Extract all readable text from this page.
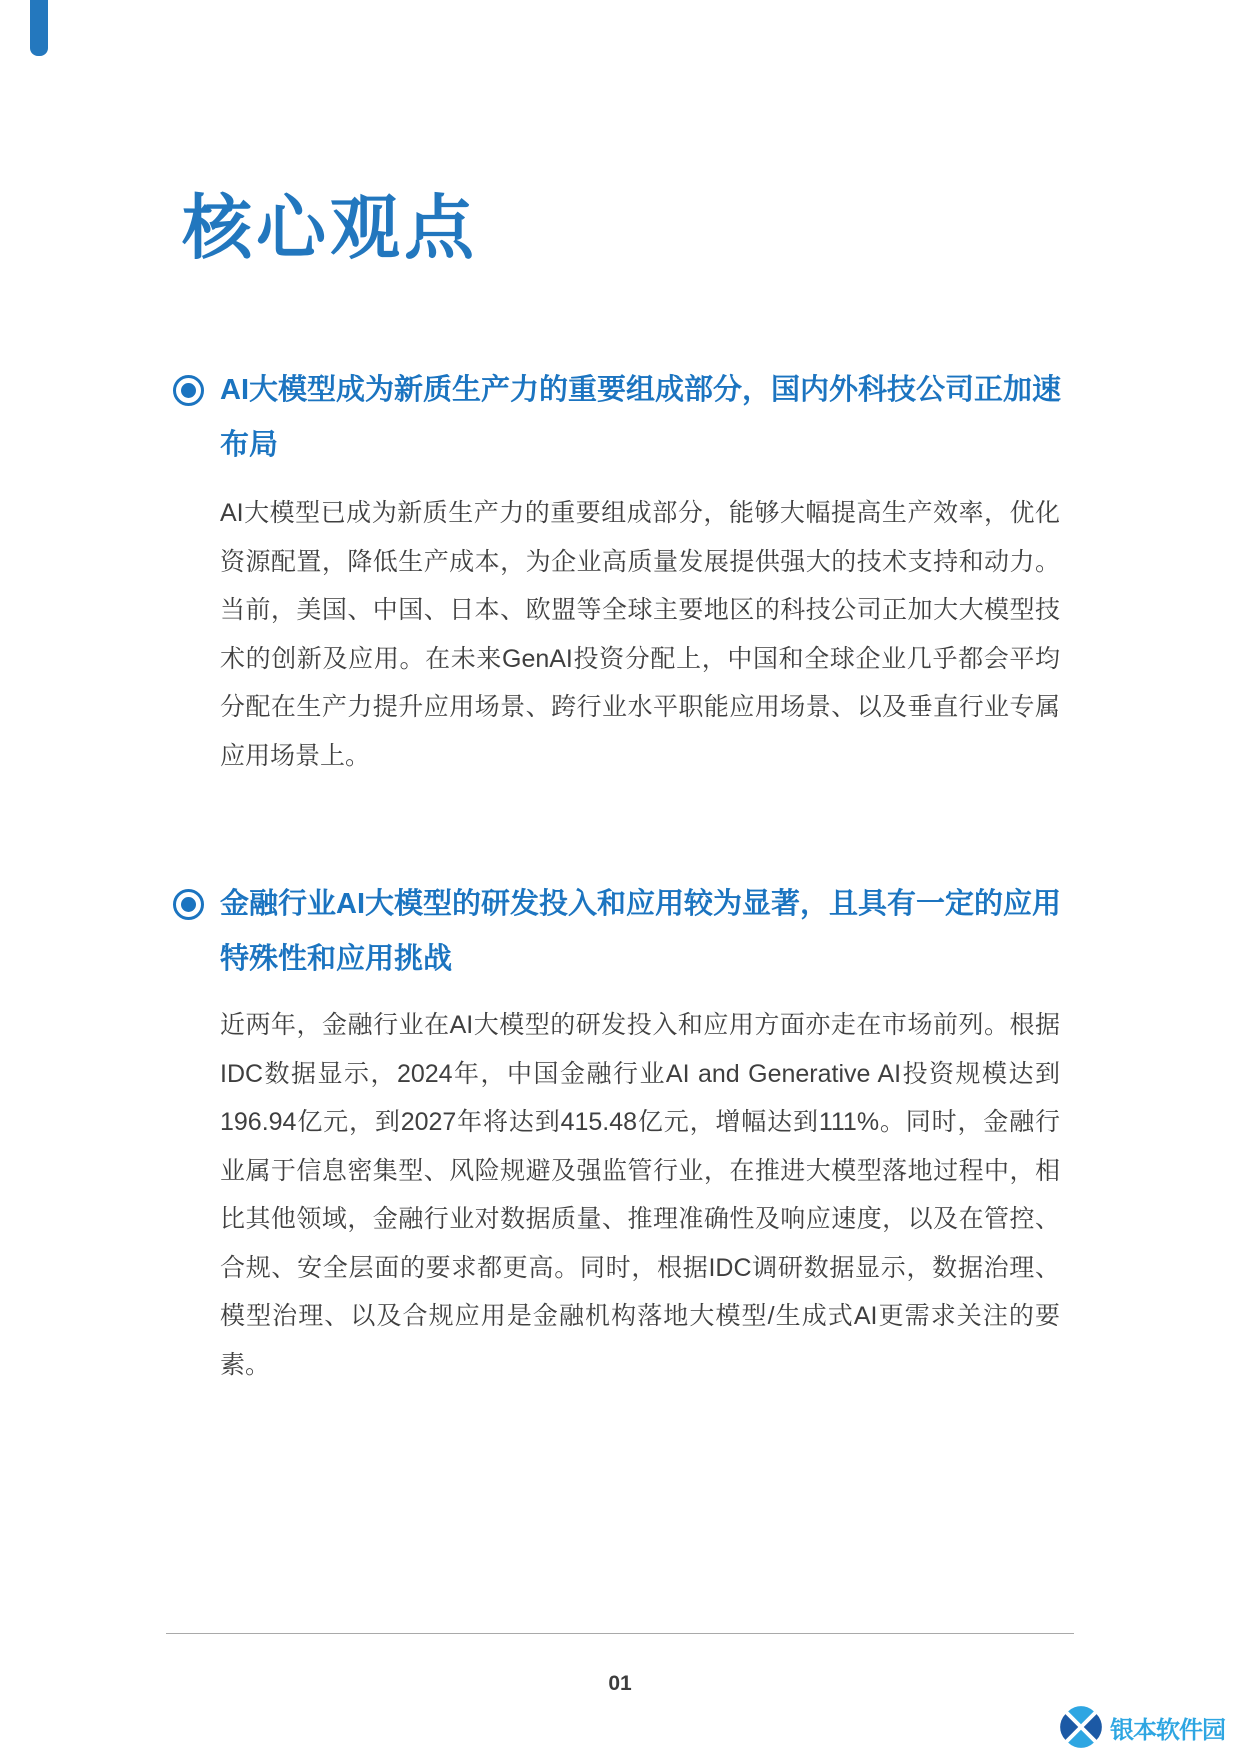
核心观点
AI大模型成为新质生产力的重要组成部分，国内外科技公司正加速布局

AI大模型已成为新质生产力的重要组成部分，能够大幅提高生产效率，优化资源配置，降低生产成本，为企业高质量发展提供强大的技术支持和动力。当前，美国、中国、日本、欧盟等全球主要地区的科技公司正加大大模型技术的创新及应用。在未来GenAI投资分配上，中国和全球企业几乎都会平均分配在生产力提升应用场景、跨行业水平职能应用场景、以及垂直行业专属应用场景上。

金融行业AI大模型的研发投入和应用较为显著，且具有一定的应用特殊性和应用挑战

近两年，金融行业在AI大模型的研发投入和应用方面亦走在市场前列。根据IDC数据显示，2024年，中国金融行业AI and Generative AI投资规模达到196.94亿元，到2027年将达到415.48亿元，增幅达到111%。同时，金融行业属于信息密集型、风险规避及强监管行业，在推进大模型落地过程中，相比其他领域，金融行业对数据质量、推理准确性及响应速度，以及在管控、合规、安全层面的要求都更高。同时，根据IDC调研数据显示，数据治理、模型治理、以及合规应用是金融机构落地大模型/生成式AI更需求关注的要素。

01
银本软件园
